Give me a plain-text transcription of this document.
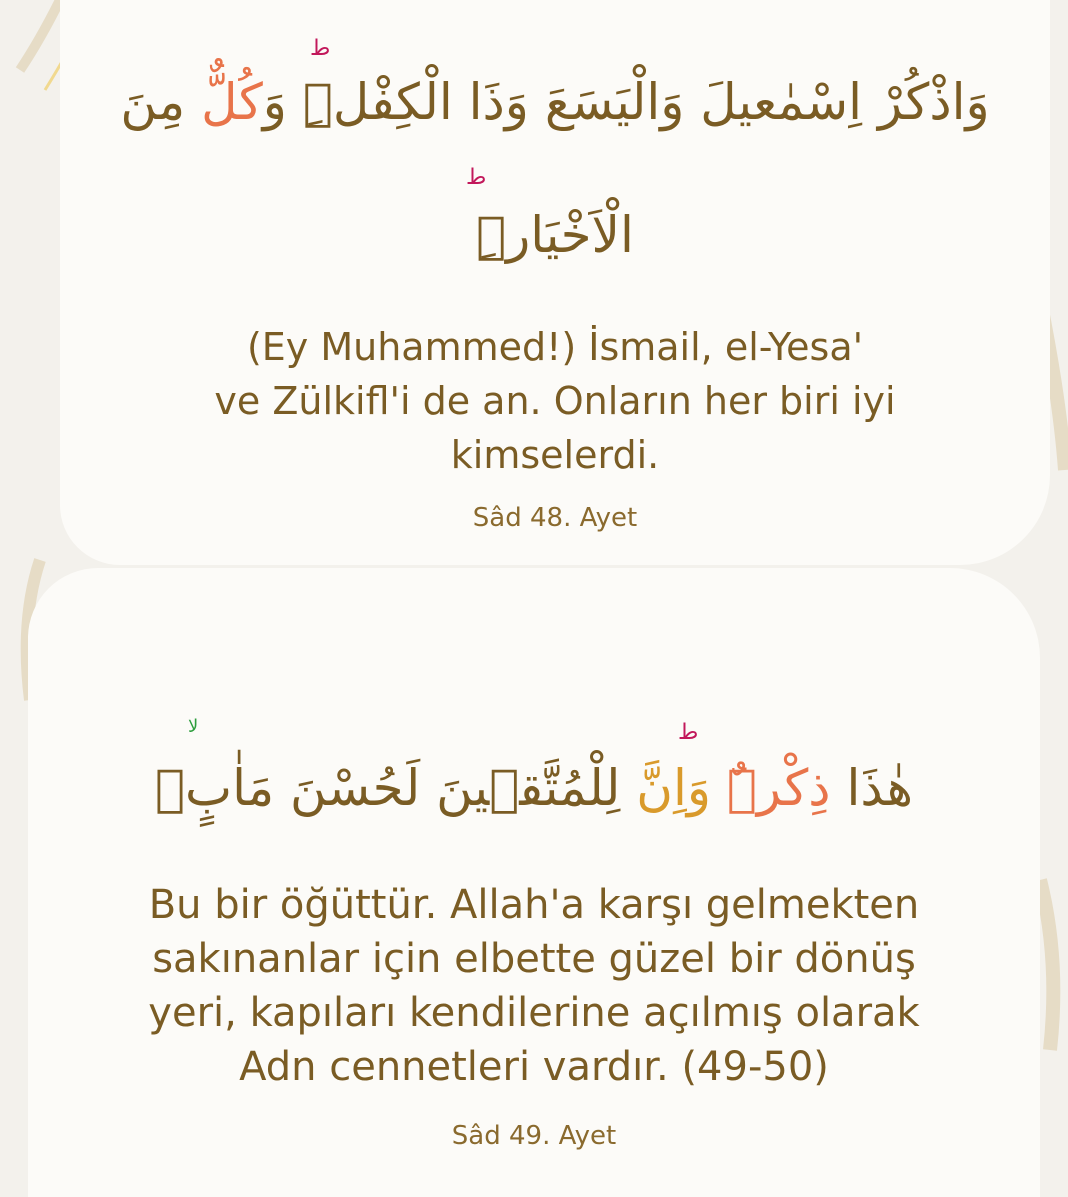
ط
ط
وَاذْكُرْ اِسْمٰعيلَ وَالْيَسَعَ وَذَا الْكِفْلِۜ وَكُلٌّ مِنَ
الْاَخْيَارِۜ
(Ey Muhammed!) İsmail, el-Yesa'
ve Zülkifl'i de an. Onların her biri iyi
kimselerdi.
Sâd 48. Ayet
لا	ط
هٰذَا ذِكْرٌۜ وَاِنَّ لِلْمُتَّق۪ينَ لَحُسْنَ مَاٰبٍۙ
Bu bir öğüttür. Allah'a karşı gelmekten
sakınanlar için elbette güzel bir dönüş
yeri, kapıları kendilerine açılmış olarak
Adn cennetleri vardır. (49-50)
Sâd 49. Ayet
